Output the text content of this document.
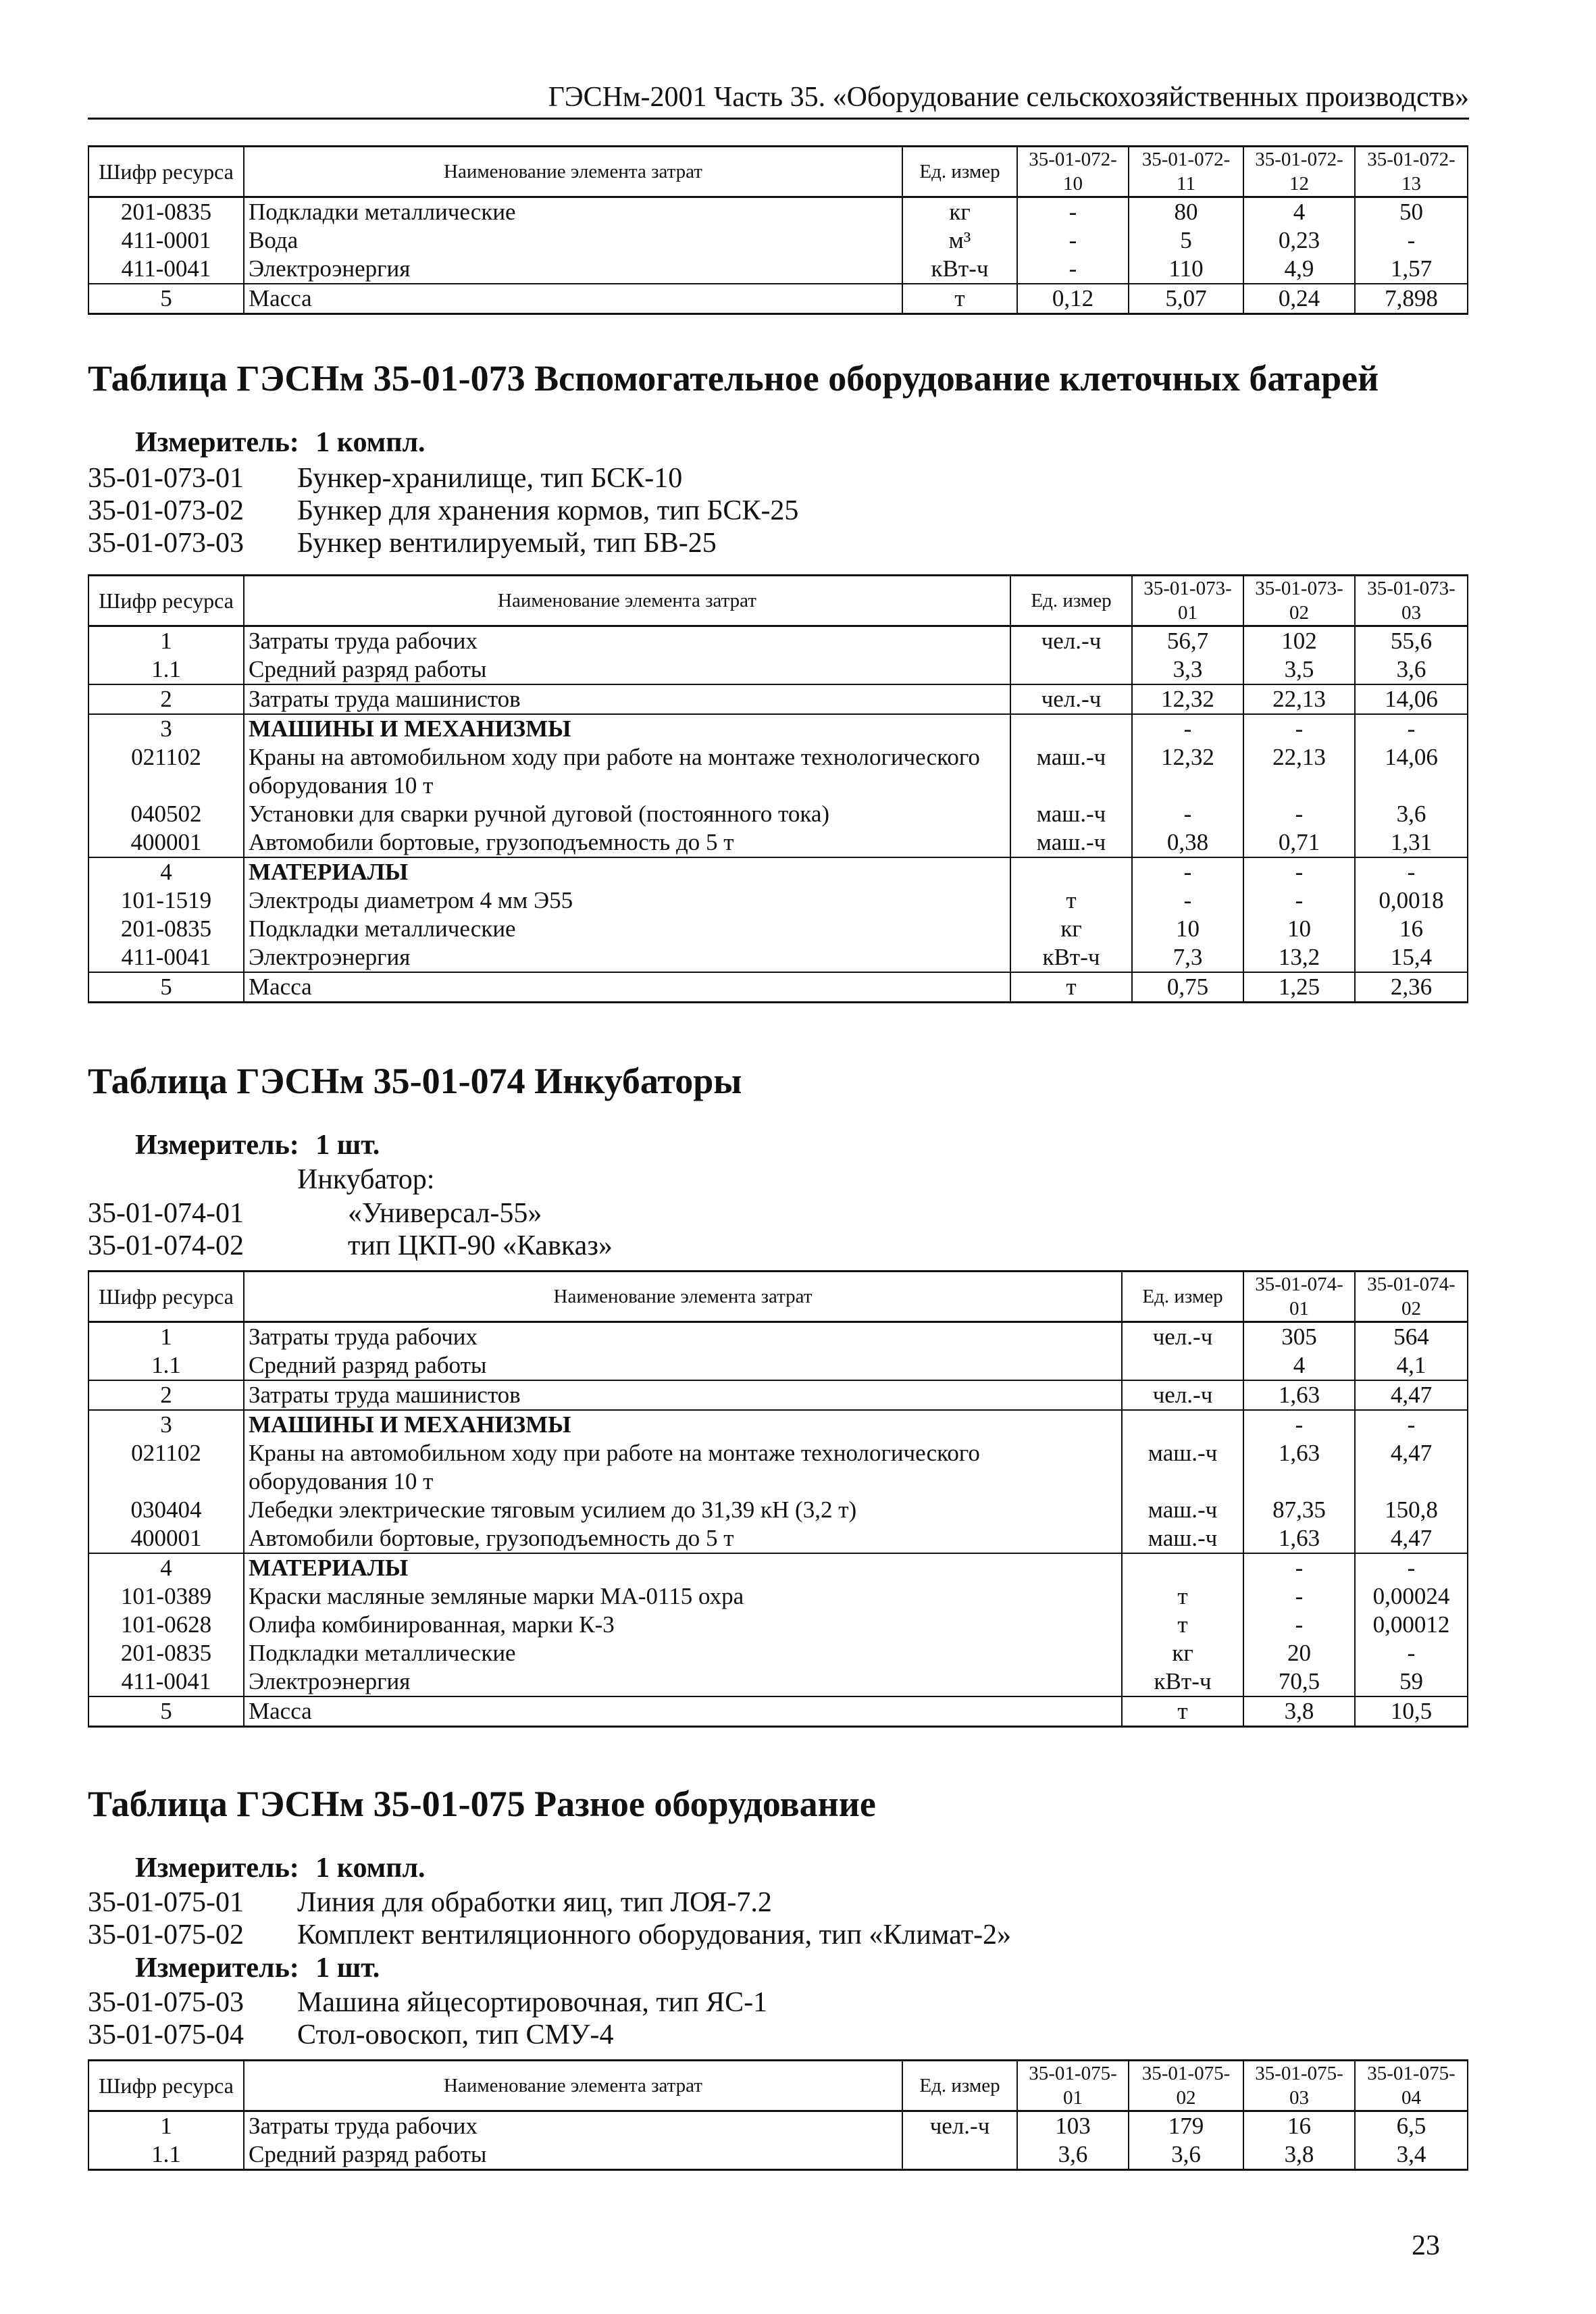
ГЭСНм-2001 Часть 35. «Оборудование сельскохозяйственных производств»
Шифр ресурса	Наименование элемента затрат	Ед. измер	35-01-072-10	35-01-072-11	35-01-072-12	35-01-072-13
201-0835	Подкладки металлические	кг	-	80	4	50
411-0001	Вода	м³	-	5	0,23	-
411-0041	Электроэнергия	кВт-ч	-	110	4,9	1,57
5	Масса	т	0,12	5,07	0,24	7,898
Таблица ГЭСНм 35-01-073 Вспомогательное оборудование клеточных батарей
Измеритель: 1 компл.
35-01-073-01	Бункер-хранилище, тип БСК-10
35-01-073-02	Бункер для хранения кормов, тип БСК-25
35-01-073-03	Бункер вентилируемый, тип БВ-25
Шифр ресурса	Наименование элемента затрат	Ед. измер	35-01-073-01	35-01-073-02	35-01-073-03
1	Затраты труда рабочих	чел.-ч	56,7	102	55,6
1.1	Средний разряд работы		3,3	3,5	3,6
2	Затраты труда машинистов	чел.-ч	12,32	22,13	14,06
3	МАШИНЫ И МЕХАНИЗМЫ		-	-	-
021102	Краны на автомобильном ходу при работе на монтаже технологического оборудования 10 т	маш.-ч	12,32	22,13	14,06
040502	Установки для сварки ручной дуговой (постоянного тока)	маш.-ч	-	-	3,6
400001	Автомобили бортовые, грузоподъемность до 5 т	маш.-ч	0,38	0,71	1,31
4	МАТЕРИАЛЫ		-	-	-
101-1519	Электроды диаметром 4 мм Э55	т	-	-	0,0018
201-0835	Подкладки металлические	кг	10	10	16
411-0041	Электроэнергия	кВт-ч	7,3	13,2	15,4
5	Масса	т	0,75	1,25	2,36
Таблица ГЭСНм 35-01-074 Инкубаторы
Измеритель: 1 шт.
Инкубатор:
35-01-074-01	«Универсал-55»
35-01-074-02	тип ЦКП-90 «Кавказ»
Шифр ресурса	Наименование элемента затрат	Ед. измер	35-01-074-01	35-01-074-02
1	Затраты труда рабочих	чел.-ч	305	564
1.1	Средний разряд работы		4	4,1
2	Затраты труда машинистов	чел.-ч	1,63	4,47
3	МАШИНЫ И МЕХАНИЗМЫ		-	-
021102	Краны на автомобильном ходу при работе на монтаже технологического оборудования 10 т	маш.-ч	1,63	4,47
030404	Лебедки электрические тяговым усилием до 31,39 кН (3,2 т)	маш.-ч	87,35	150,8
400001	Автомобили бортовые, грузоподъемность до 5 т	маш.-ч	1,63	4,47
4	МАТЕРИАЛЫ		-	-
101-0389	Краски масляные земляные марки МА-0115 охра	т	-	0,00024
101-0628	Олифа комбинированная, марки К-3	т	-	0,00012
201-0835	Подкладки металлические	кг	20	-
411-0041	Электроэнергия	кВт-ч	70,5	59
5	Масса	т	3,8	10,5
Таблица ГЭСНм 35-01-075 Разное оборудование
Измеритель: 1 компл.
35-01-075-01	Линия для обработки яиц, тип ЛОЯ-7.2
35-01-075-02	Комплект вентиляционного оборудования, тип «Климат-2»
Измеритель: 1 шт.
35-01-075-03	Машина яйцесортировочная, тип ЯС-1
35-01-075-04	Стол-овоскоп, тип СМУ-4
Шифр ресурса	Наименование элемента затрат	Ед. измер	35-01-075-01	35-01-075-02	35-01-075-03	35-01-075-04
1	Затраты труда рабочих	чел.-ч	103	179	16	6,5
1.1	Средний разряд работы		3,6	3,6	3,8	3,4
23
